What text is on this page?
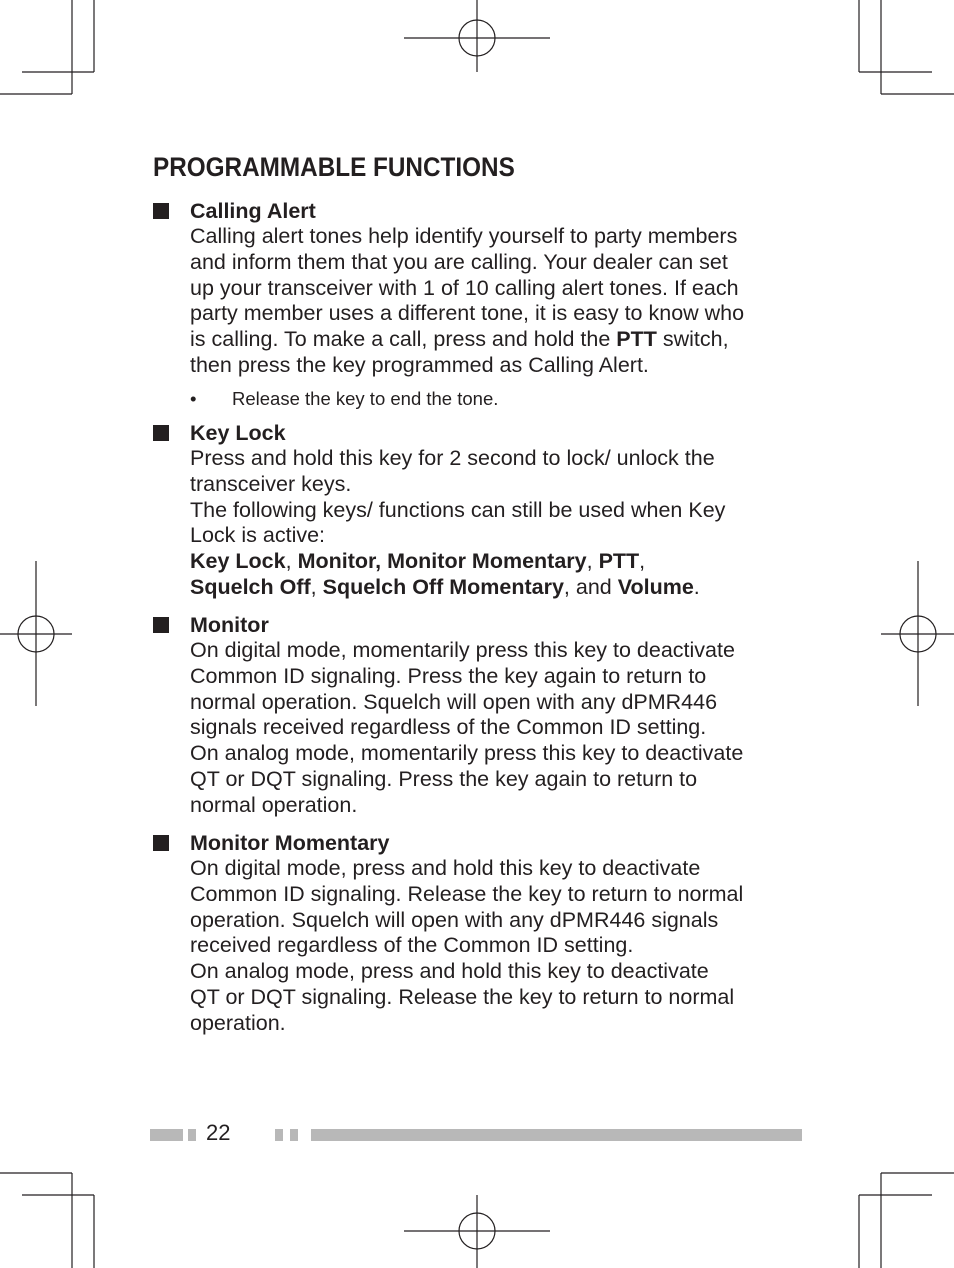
PROGRAMMABLE FUNCTIONS
Calling Alert

Calling alert tones help identify yourself to party members

and inform them that you are calling. Your dealer can set

up your transceiver with 1 of 10 calling alert tones. If each

party member uses a different tone, it is easy to know who

is calling. To make a call, press and hold the PTT switch,

then press the key programmed as Calling Alert.

• Release the key to end the tone.
Key Lock

Press and hold this key for 2 second to lock/ unlock the

transceiver keys.

The following keys/ functions can still be used when Key

Lock is active:

Key Lock, Monitor, Monitor Momentary, PTT,

Squelch Off, Squelch Off Momentary, and Volume.

Monitor

On digital mode, momentarily press this key to deactivate

Common ID signaling. Press the key again to return to

normal operation. Squelch will open with any dPMR446

signals received regardless of the Common ID setting.

On analog mode, momentarily press this key to deactivate

QT or DQT signaling. Press the key again to return to

normal operation.

Monitor Momentary

On digital mode, press and hold this key to deactivate

Common ID signaling. Release the key to return to normal

operation. Squelch will open with any dPMR446 signals

received regardless of the Common ID setting.

On analog mode, press and hold this key to deactivate

QT or DQT signaling. Release the key to return to normal

operation.

22
